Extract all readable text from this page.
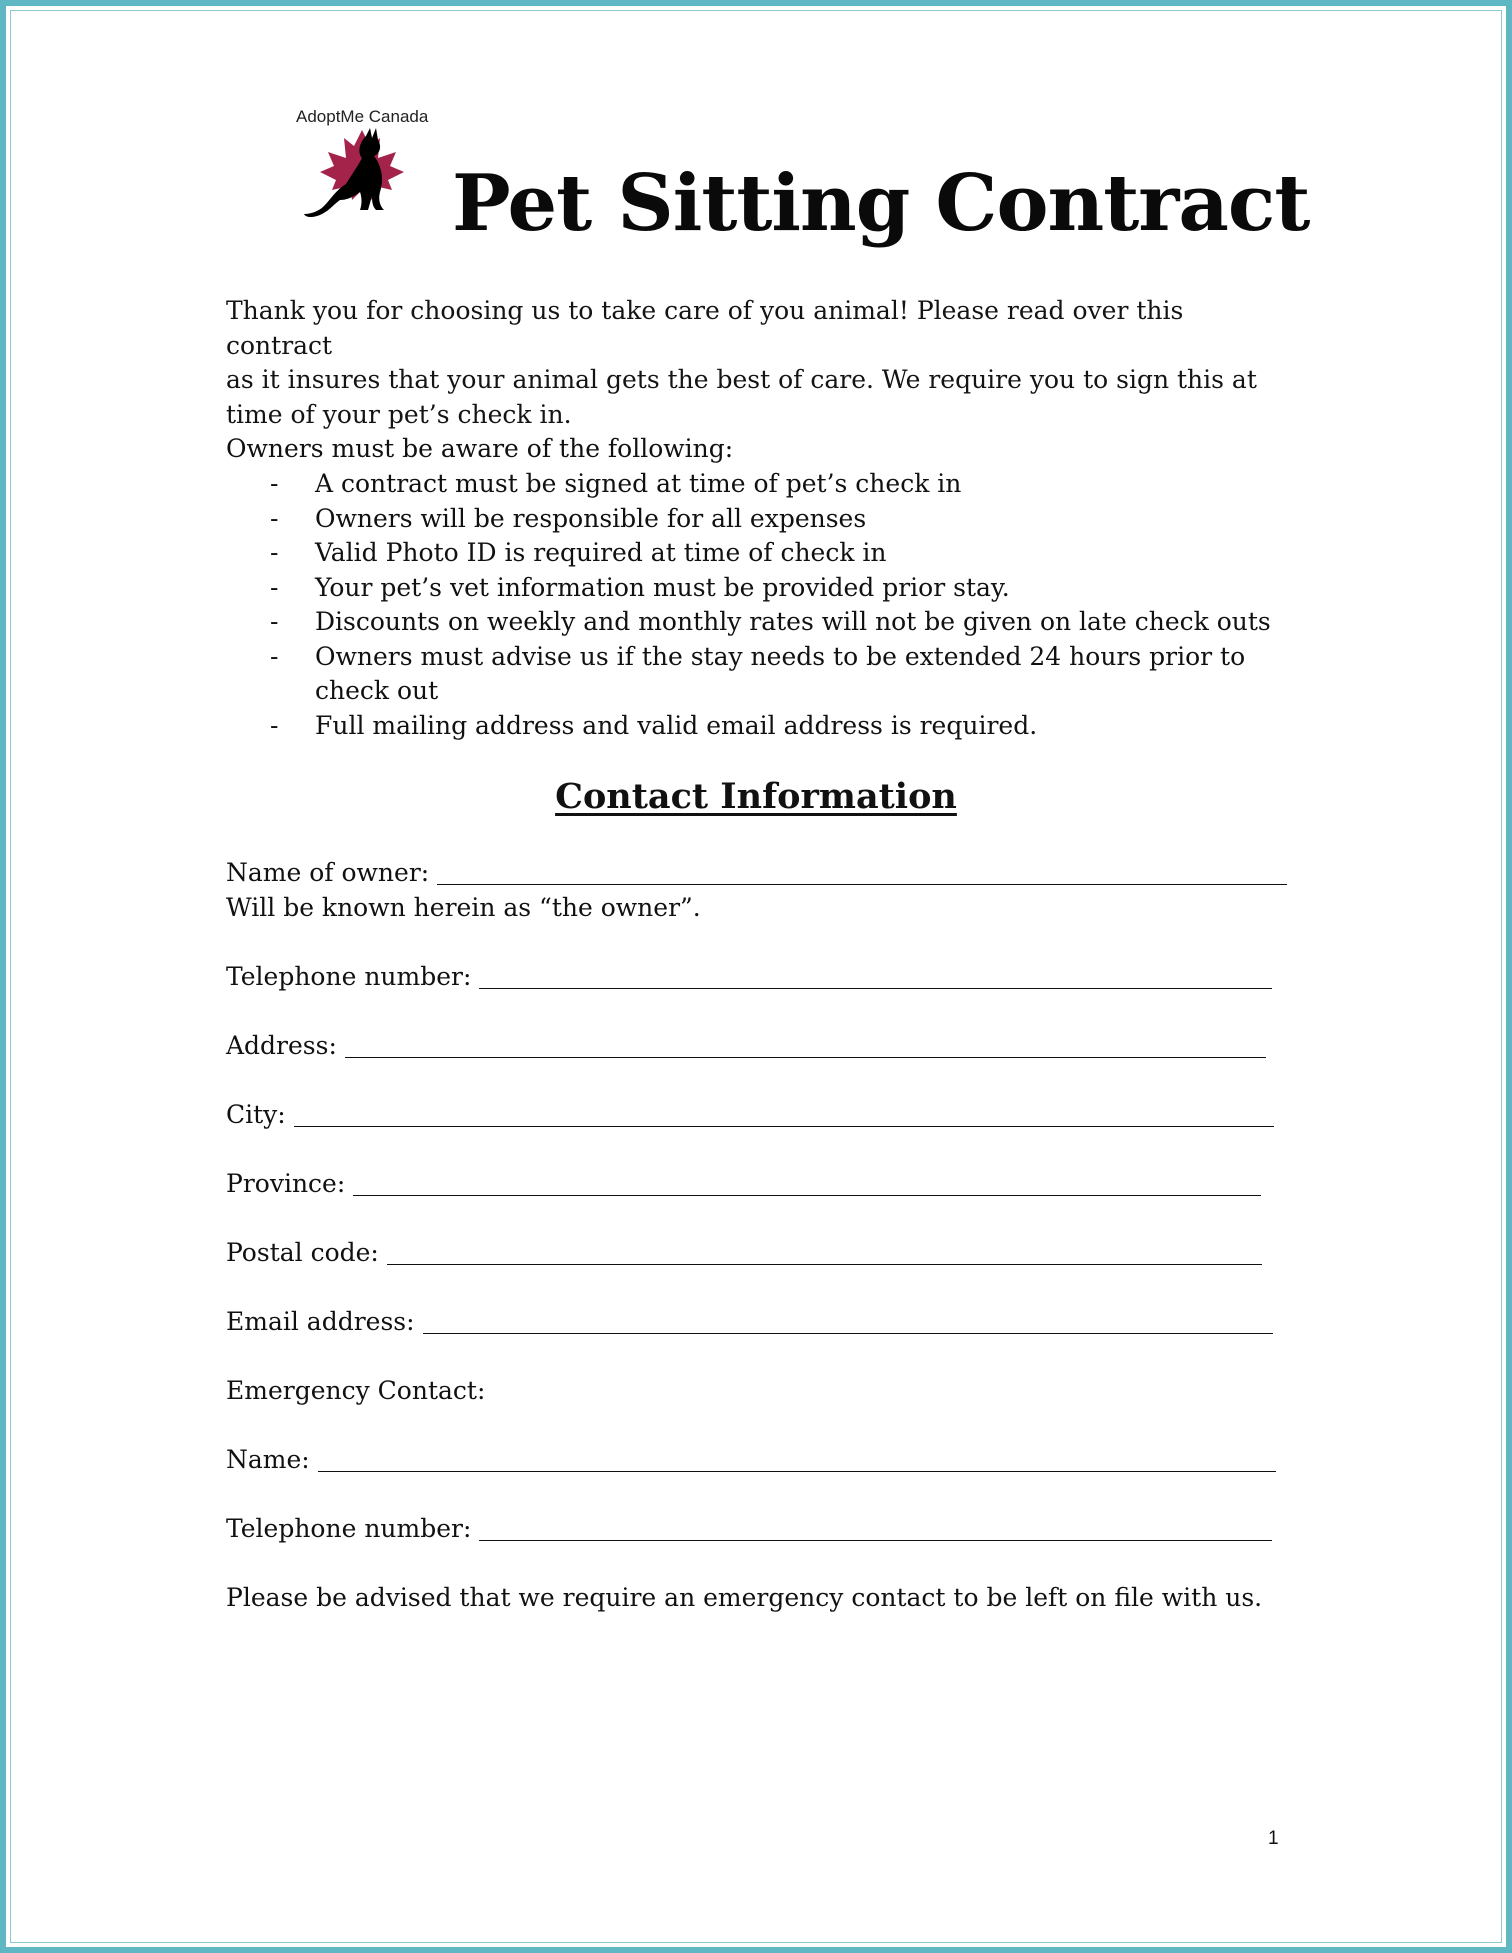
AdoptMe Canada
Pet Sitting Contract
Thank you for choosing us to take care of you animal! Please read over this contract
as it insures that your animal gets the best of care. We require you to sign this at
time of your pet’s check in.
Owners must be aware of the following:
- A contract must be signed at time of pet’s check in
- Owners will be responsible for all expenses
- Valid Photo ID is required at time of check in
- Your pet’s vet information must be provided prior stay.
- Discounts on weekly and monthly rates will not be given on late check outs
- Owners must advise us if the stay needs to be extended 24 hours prior to
check out
- Full mailing address and valid email address is required.
Contact Information
Name of owner:
Will be known herein as “the owner”.
Telephone number:
Address:
City:
Province:
Postal code:
Email address:
Emergency Contact:
Name:
Telephone number:
Please be advised that we require an emergency contact to be left on file with us.
1
